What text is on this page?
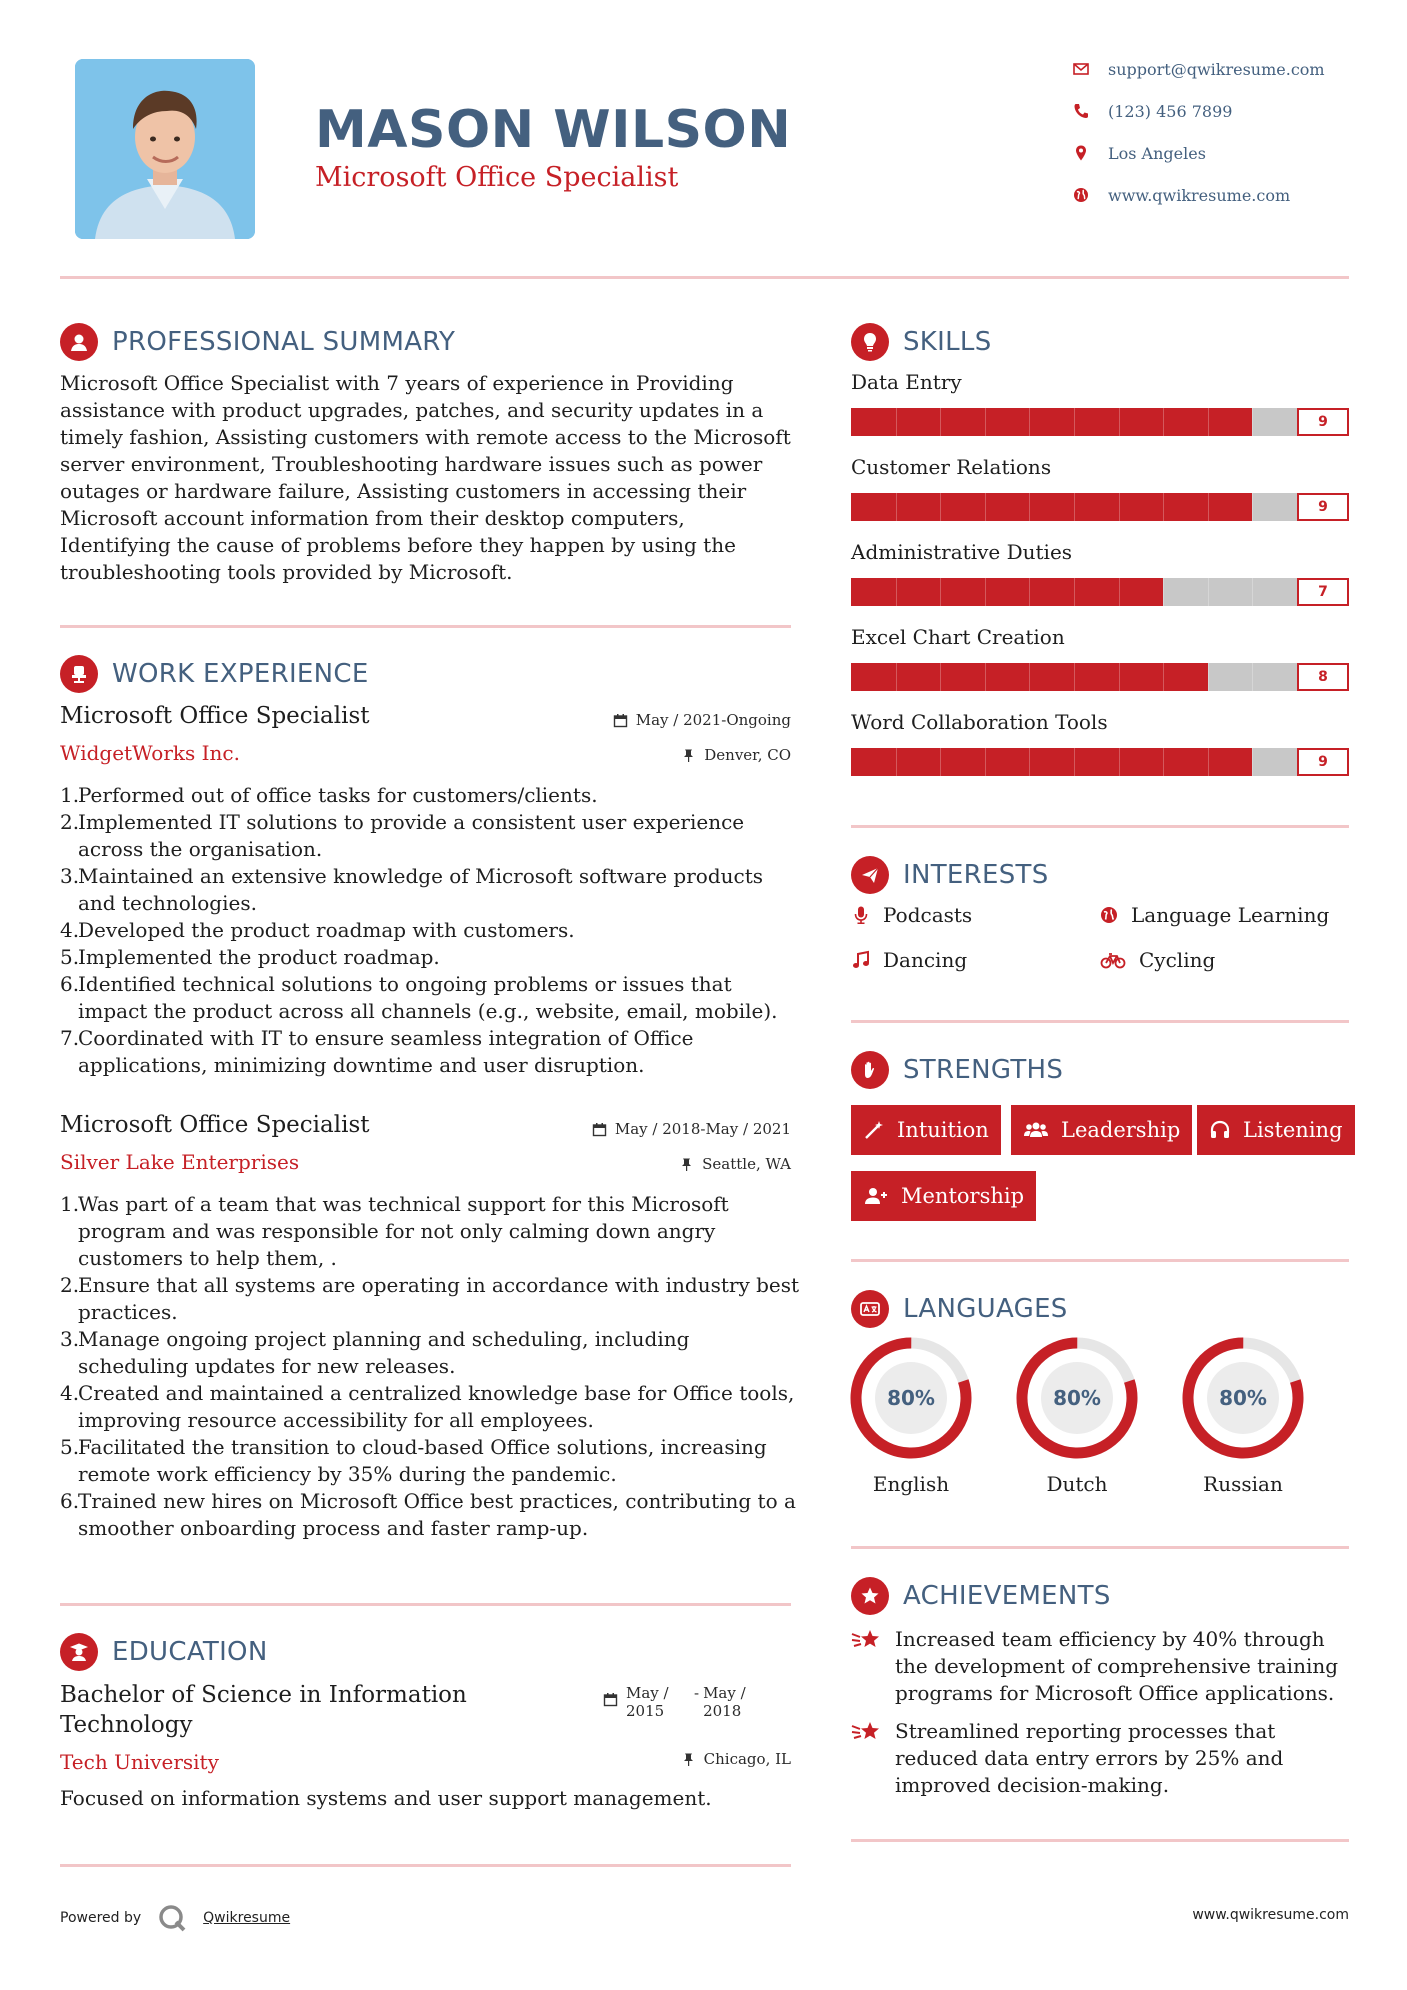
MASON WILSON
Microsoft Office Specialist
support@qwikresume.com
(123) 456 7899
Los Angeles
www.qwikresume.com
PROFESSIONAL SUMMARY
Microsoft Office Specialist with 7 years of experience in Providing assistance with product upgrades, patches, and security updates in a timely fashion, Assisting customers with remote access to the Microsoft server environment, Troubleshooting hardware issues such as power outages or hardware failure, Assisting customers in accessing their Microsoft account information from their desktop computers, Identifying the cause of problems before they happen by using the troubleshooting tools provided by Microsoft.
WORK EXPERIENCE
Microsoft Office Specialist	May / 2021-Ongoing
WidgetWorks Inc.	Denver, CO
Performed out of office tasks for customers/clients.
Implemented IT solutions to provide a consistent user experience across the organisation.
Maintained an extensive knowledge of Microsoft software products and technologies.
Developed the product roadmap with customers.
Implemented the product roadmap.
Identified technical solutions to ongoing problems or issues that impact the product across all channels (e.g., website, email, mobile).
Coordinated with IT to ensure seamless integration of Office applications, minimizing downtime and user disruption.
Microsoft Office Specialist	May / 2018-May / 2021
Silver Lake Enterprises	Seattle, WA
Was part of a team that was technical support for this Microsoft program and was responsible for not only calming down angry customers to help them, .
Ensure that all systems are operating in accordance with industry best practices.
Manage ongoing project planning and scheduling, including scheduling updates for new releases.
Created and maintained a centralized knowledge base for Office tools, improving resource accessibility for all employees.
Facilitated the transition to cloud-based Office solutions, increasing remote work efficiency by 35% during the pandemic.
Trained new hires on Microsoft Office best practices, contributing to a smoother onboarding process and faster ramp-up.
EDUCATION
Bachelor of Science in Information Technology
May / 2015
- May / 2018
Tech University	Chicago, IL
Focused on information systems and user support management.
SKILLS
Data Entry
9
Customer Relations
9
Administrative Duties
7
Excel Chart Creation
8
Word Collaboration Tools
9
INTERESTS
Podcasts	Language Learning
Dancing	Cycling
STRENGTHS
Intuition	Leadership	Listening
Mentorship
LANGUAGES
80%
English
80%
Dutch
80%
Russian
ACHIEVEMENTS
Increased team efficiency by 40% through the development of comprehensive training programs for Microsoft Office applications.
Streamlined reporting processes that reduced data entry errors by 25% and improved decision-making.
Powered by	Qwikresume	www.qwikresume.com
